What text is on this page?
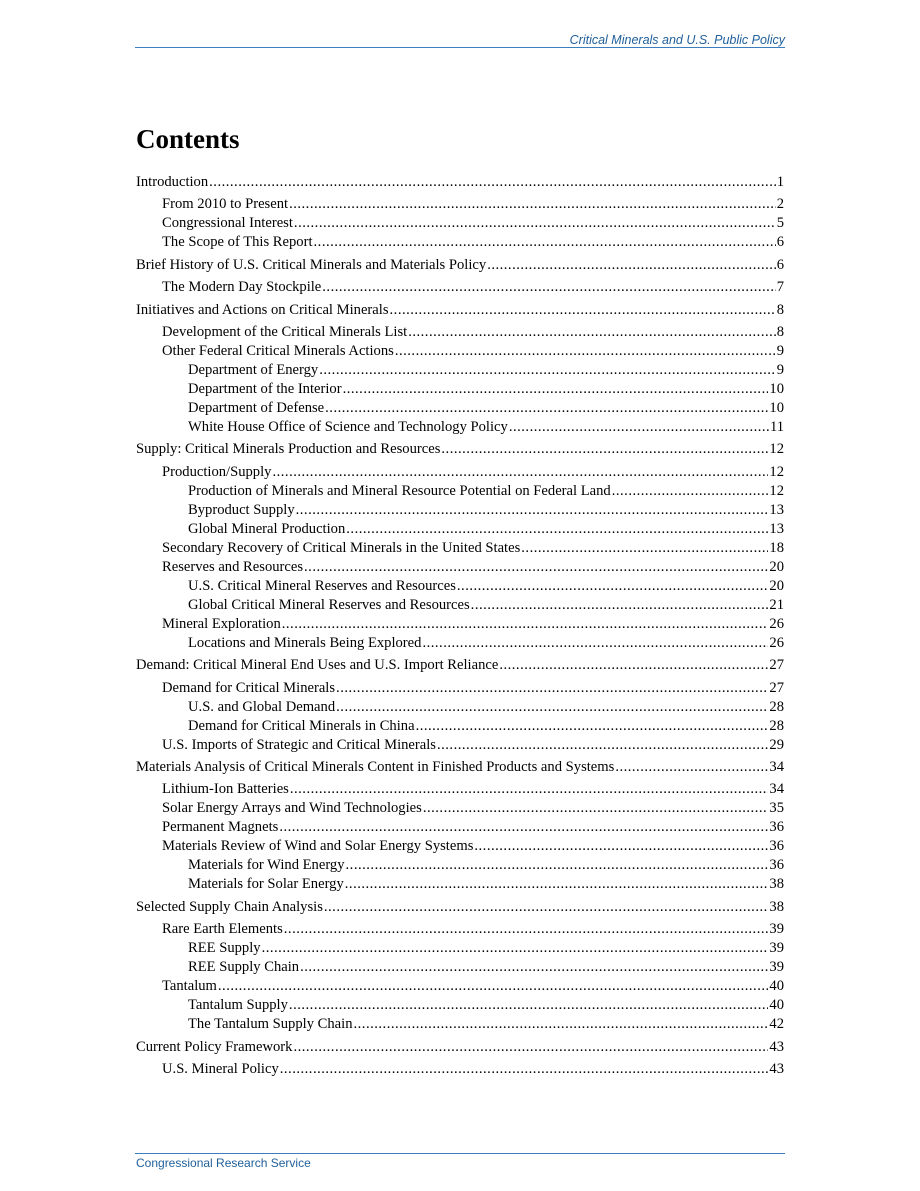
Critical Minerals and U.S. Public Policy
Contents
Introduction .....	1
From 2010 to Present .....	2
Congressional Interest .....	5
The Scope of This Report .....	6
Brief History of U.S. Critical Minerals and Materials Policy .....	6
The Modern Day Stockpile .....	7
Initiatives and Actions on Critical Minerals .....	8
Development of the Critical Minerals List .....	8
Other Federal Critical Minerals Actions .....	9
Department of Energy .....	9
Department of the Interior .....	10
Department of Defense .....	10
White House Office of Science and Technology Policy .....	11
Supply: Critical Minerals Production and Resources .....	12
Production/Supply .....	12
Production of Minerals and Mineral Resource Potential on Federal Land .....	12
Byproduct Supply .....	13
Global Mineral Production .....	13
Secondary Recovery of Critical Minerals in the United States .....	18
Reserves and Resources .....	20
U.S. Critical Mineral Reserves and Resources .....	20
Global Critical Mineral Reserves and Resources .....	21
Mineral Exploration .....	26
Locations and Minerals Being Explored .....	26
Demand: Critical Mineral End Uses and U.S. Import Reliance .....	27
Demand for Critical Minerals .....	27
U.S. and Global Demand .....	28
Demand for Critical Minerals in China .....	28
U.S. Imports of Strategic and Critical Minerals .....	29
Materials Analysis of Critical Minerals Content in Finished Products and Systems .....	34
Lithium-Ion Batteries .....	34
Solar Energy Arrays and Wind Technologies .....	35
Permanent Magnets .....	36
Materials Review of Wind and Solar Energy Systems .....	36
Materials for Wind Energy .....	36
Materials for Solar Energy .....	38
Selected Supply Chain Analysis .....	38
Rare Earth Elements .....	39
REE Supply .....	39
REE Supply Chain .....	39
Tantalum .....	40
Tantalum Supply .....	40
The Tantalum Supply Chain .....	42
Current Policy Framework .....	43
U.S. Mineral Policy .....	43
Congressional Research Service
